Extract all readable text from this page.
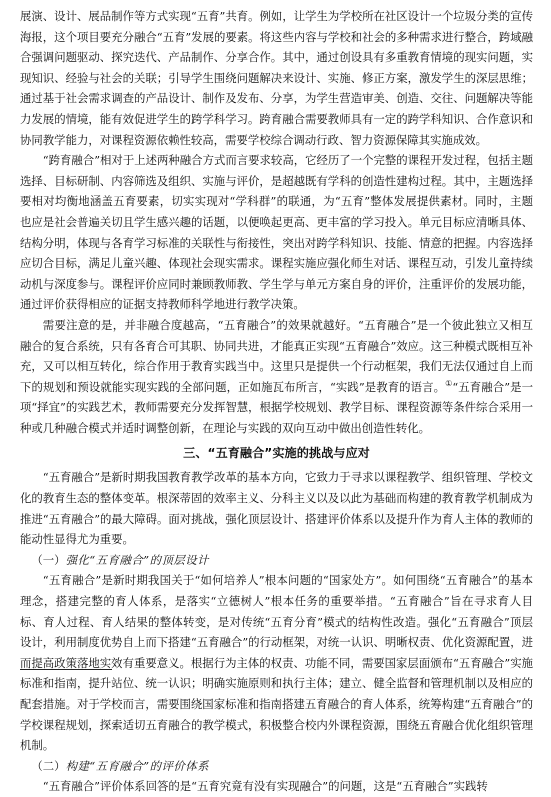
展演、设计、展品制作等方式实现“五育”共育。例如，让学生为学校所在社区设计一个垃圾分类的宣传海报，这个项目要充分融合“五育”发展的要素。将这些内容与学校和社会的多种需求进行整合，跨域融合强调问题驱动、探究迭代、产品制作、分享合作。其中，通过创设具有多重教育情境的现实问题，实现知识、经验与社会的关联；引导学生围绕问题解决来设计、实施、修正方案，激发学生的深层思维；通过基于社会需求调查的产品设计、制作及发布、分享，为学生营造审美、创造、交往、问题解决等能力发展的情境，能有效促进学生的跨学科学习。跨育融合需要教师具有一定的跨学科知识、合作意识和协同教学能力，对课程资源依赖性较高，需要学校综合调动行政、智力资源保障其实施成效。

“跨育融合”相对于上述两种融合方式而言要求较高，它经历了一个完整的课程开发过程，包括主题选择、目标研制、内容筛选及组织、实施与评价，是超越既有学科的创造性建构过程。其中，主题选择要相对均衡地涵盖五育要素，切实实现对“学科群”的联通，为“五育”整体发展提供素材。同时，主题也应是社会普遍关切且学生感兴趣的话题，以便唤起更高、更丰富的学习投入。单元目标应清晰具体、结构分明，体现与各育学习标准的关联性与衔接性，突出对跨学科知识、技能、情意的把握。内容选择应切合目标，满足儿童兴趣、体现社会现实需求。课程实施应强化师生对话、课程互动，引发儿童持续动机与深度参与。课程评价应同时兼顾教师教、学生学与单元方案自身的评价，注重评价的发展功能，通过评价获得相应的证据支持教师科学地进行教学决策。

需要注意的是，并非融合度越高，“五育融合”的效果就越好。“五育融合”是一个彼此独立又相互融合的复合系统，只有各育合可其职、协同共进，才能真正实现“五育融合”效应。这三种模式既相互补充，又可以相互转化，综合作用于教育实践当中。这里只是提供一个行动框架，我们无法仅通过自上而下的规划和预设就能实现实践的全部问题，正如施瓦布所言，“实践”是教育的语言。①“五育融合”是一项“择宜”的实践艺术，教师需要充分发挥智慧，根据学校规划、教学目标、课程资源等条件综合采用一种或几种融合模式并适时调整创新，在理论与实践的双向互动中做出创造性转化。

三、“五育融合”实施的挑战与应对

“五育融合”是新时期我国教育教学改革的基本方向，它致力于寻求以课程教学、组织管理、学校文化的教育生态的整体变革。根深蒂固的效率主义、分科主义以及以此为基础而构建的教育教学机制成为推进“五育融合”的最大障碍。面对挑战，强化顶层设计、搭建评价体系以及提升作为育人主体的教师的能动性显得尤为重要。

（一）强化“五育融合”的顶层设计

“五育融合”是新时期我国关于“如何培养人”根本问题的“国家处方”。如何围绕“五育融合”的基本理念，搭建完整的育人体系，是落实“立德树人”根本任务的重要举措。“五育融合”旨在寻求育人目标、育人过程、育人结果的整体转变，是对传统“五育分育”模式的结构性改造。强化“五育融合”顶层设计，利用制度优势自上而下搭建“五育融合”的行动框架，对统一认识、明晰权责、优化资源配置，进而提高政策落地实效有重要意义。根据行为主体的权责、功能不同，需要国家层面颁布“五育融合”实施标准和指南，提升站位、统一认识；明确实施原则和执行主体；建立、健全监督和管理机制以及相应的配套措施。对于学校而言，需要围绕国家标准和指南搭建五育融合的育人体系，统筹构建“五育融合”的学校课程规划，探索适切五育融合的教学模式，积极整合校内外课程资源，围绕五育融合优化组织管理机制。

（二）构建“五育融合”的评价体系

“五育融合”评价体系回答的是“五育究竟有没有实现融合”的问题，这是“五育融合”实践转
